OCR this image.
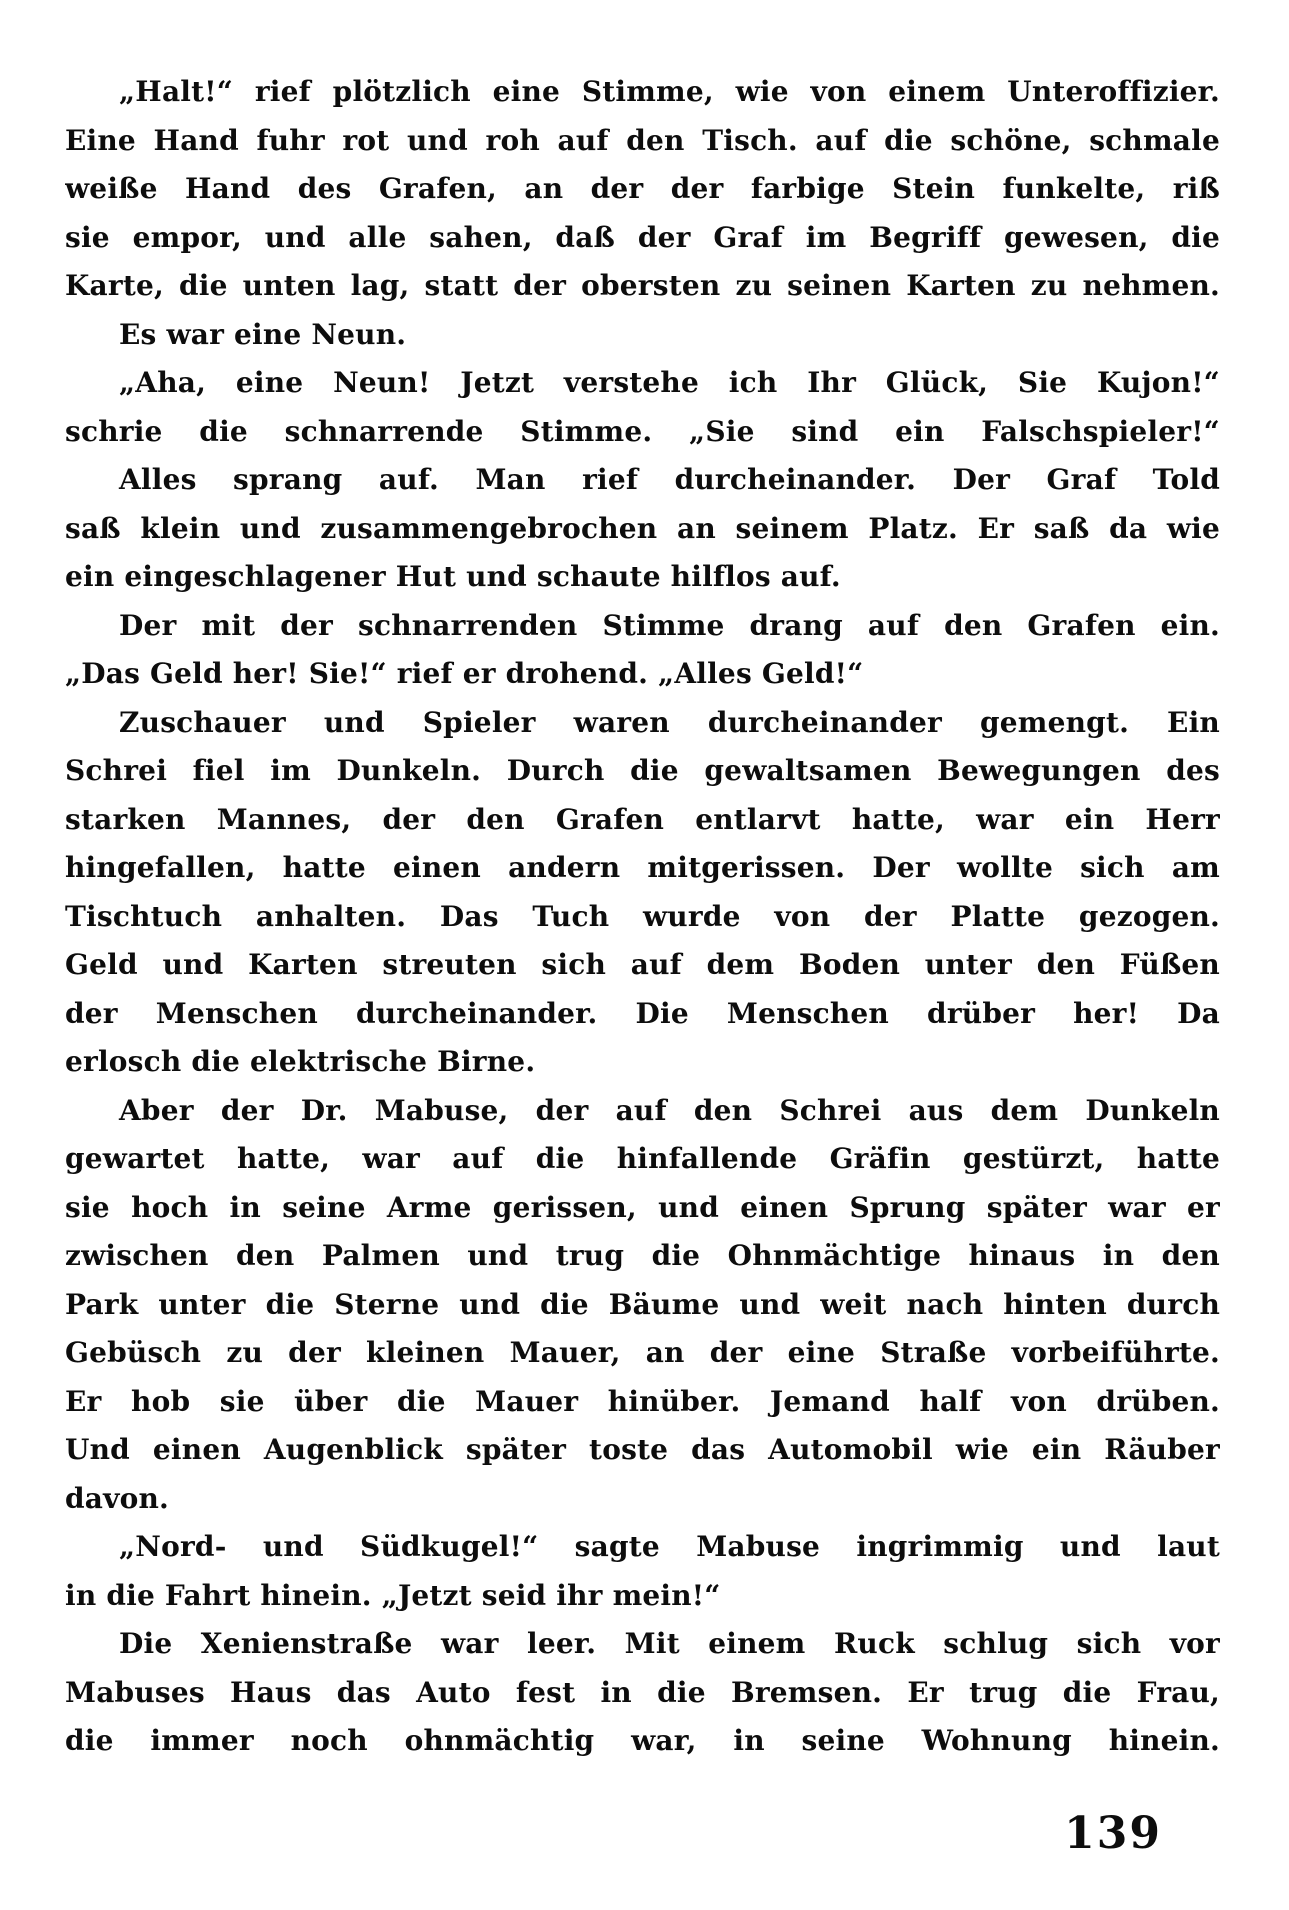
„Halt!“ rief plötzlich eine Stimme, wie von einem Unteroffizier.
Eine Hand fuhr rot und roh auf den Tisch. auf die schöne, schmale
weiße Hand des Grafen, an der der farbige Stein funkelte, riß
sie empor, und alle sahen, daß der Graf im Begriff gewesen, die
Karte, die unten lag, statt der obersten zu seinen Karten zu nehmen.
Es war eine Neun.
„Aha, eine Neun! Jetzt verstehe ich Ihr Glück, Sie Kujon!“
schrie die schnarrende Stimme. „Sie sind ein Falschspieler!“
Alles sprang auf. Man rief durcheinander. Der Graf Told
saß klein und zusammengebrochen an seinem Platz. Er saß da wie
ein eingeschlagener Hut und schaute hilflos auf.
Der mit der schnarrenden Stimme drang auf den Grafen ein.
„Das Geld her! Sie!“ rief er drohend. „Alles Geld!“
Zuschauer und Spieler waren durcheinander gemengt. Ein
Schrei fiel im Dunkeln. Durch die gewaltsamen Bewegungen des
starken Mannes, der den Grafen entlarvt hatte, war ein Herr
hingefallen, hatte einen andern mitgerissen. Der wollte sich am
Tischtuch anhalten. Das Tuch wurde von der Platte gezogen.
Geld und Karten streuten sich auf dem Boden unter den Füßen
der Menschen durcheinander. Die Menschen drüber her! Da
erlosch die elektrische Birne.
Aber der Dr. Mabuse, der auf den Schrei aus dem Dunkeln
gewartet hatte, war auf die hinfallende Gräfin gestürzt, hatte
sie hoch in seine Arme gerissen, und einen Sprung später war er
zwischen den Palmen und trug die Ohnmächtige hinaus in den
Park unter die Sterne und die Bäume und weit nach hinten durch
Gebüsch zu der kleinen Mauer, an der eine Straße vorbeiführte.
Er hob sie über die Mauer hinüber. Jemand half von drüben.
Und einen Augenblick später toste das Automobil wie ein Räuber
davon.
„Nord- und Südkugel!“ sagte Mabuse ingrimmig und laut
in die Fahrt hinein. „Jetzt seid ihr mein!“
Die Xenienstraße war leer. Mit einem Ruck schlug sich vor
Mabuses Haus das Auto fest in die Bremsen. Er trug die Frau,
die immer noch ohnmächtig war, in seine Wohnung hinein.
139
